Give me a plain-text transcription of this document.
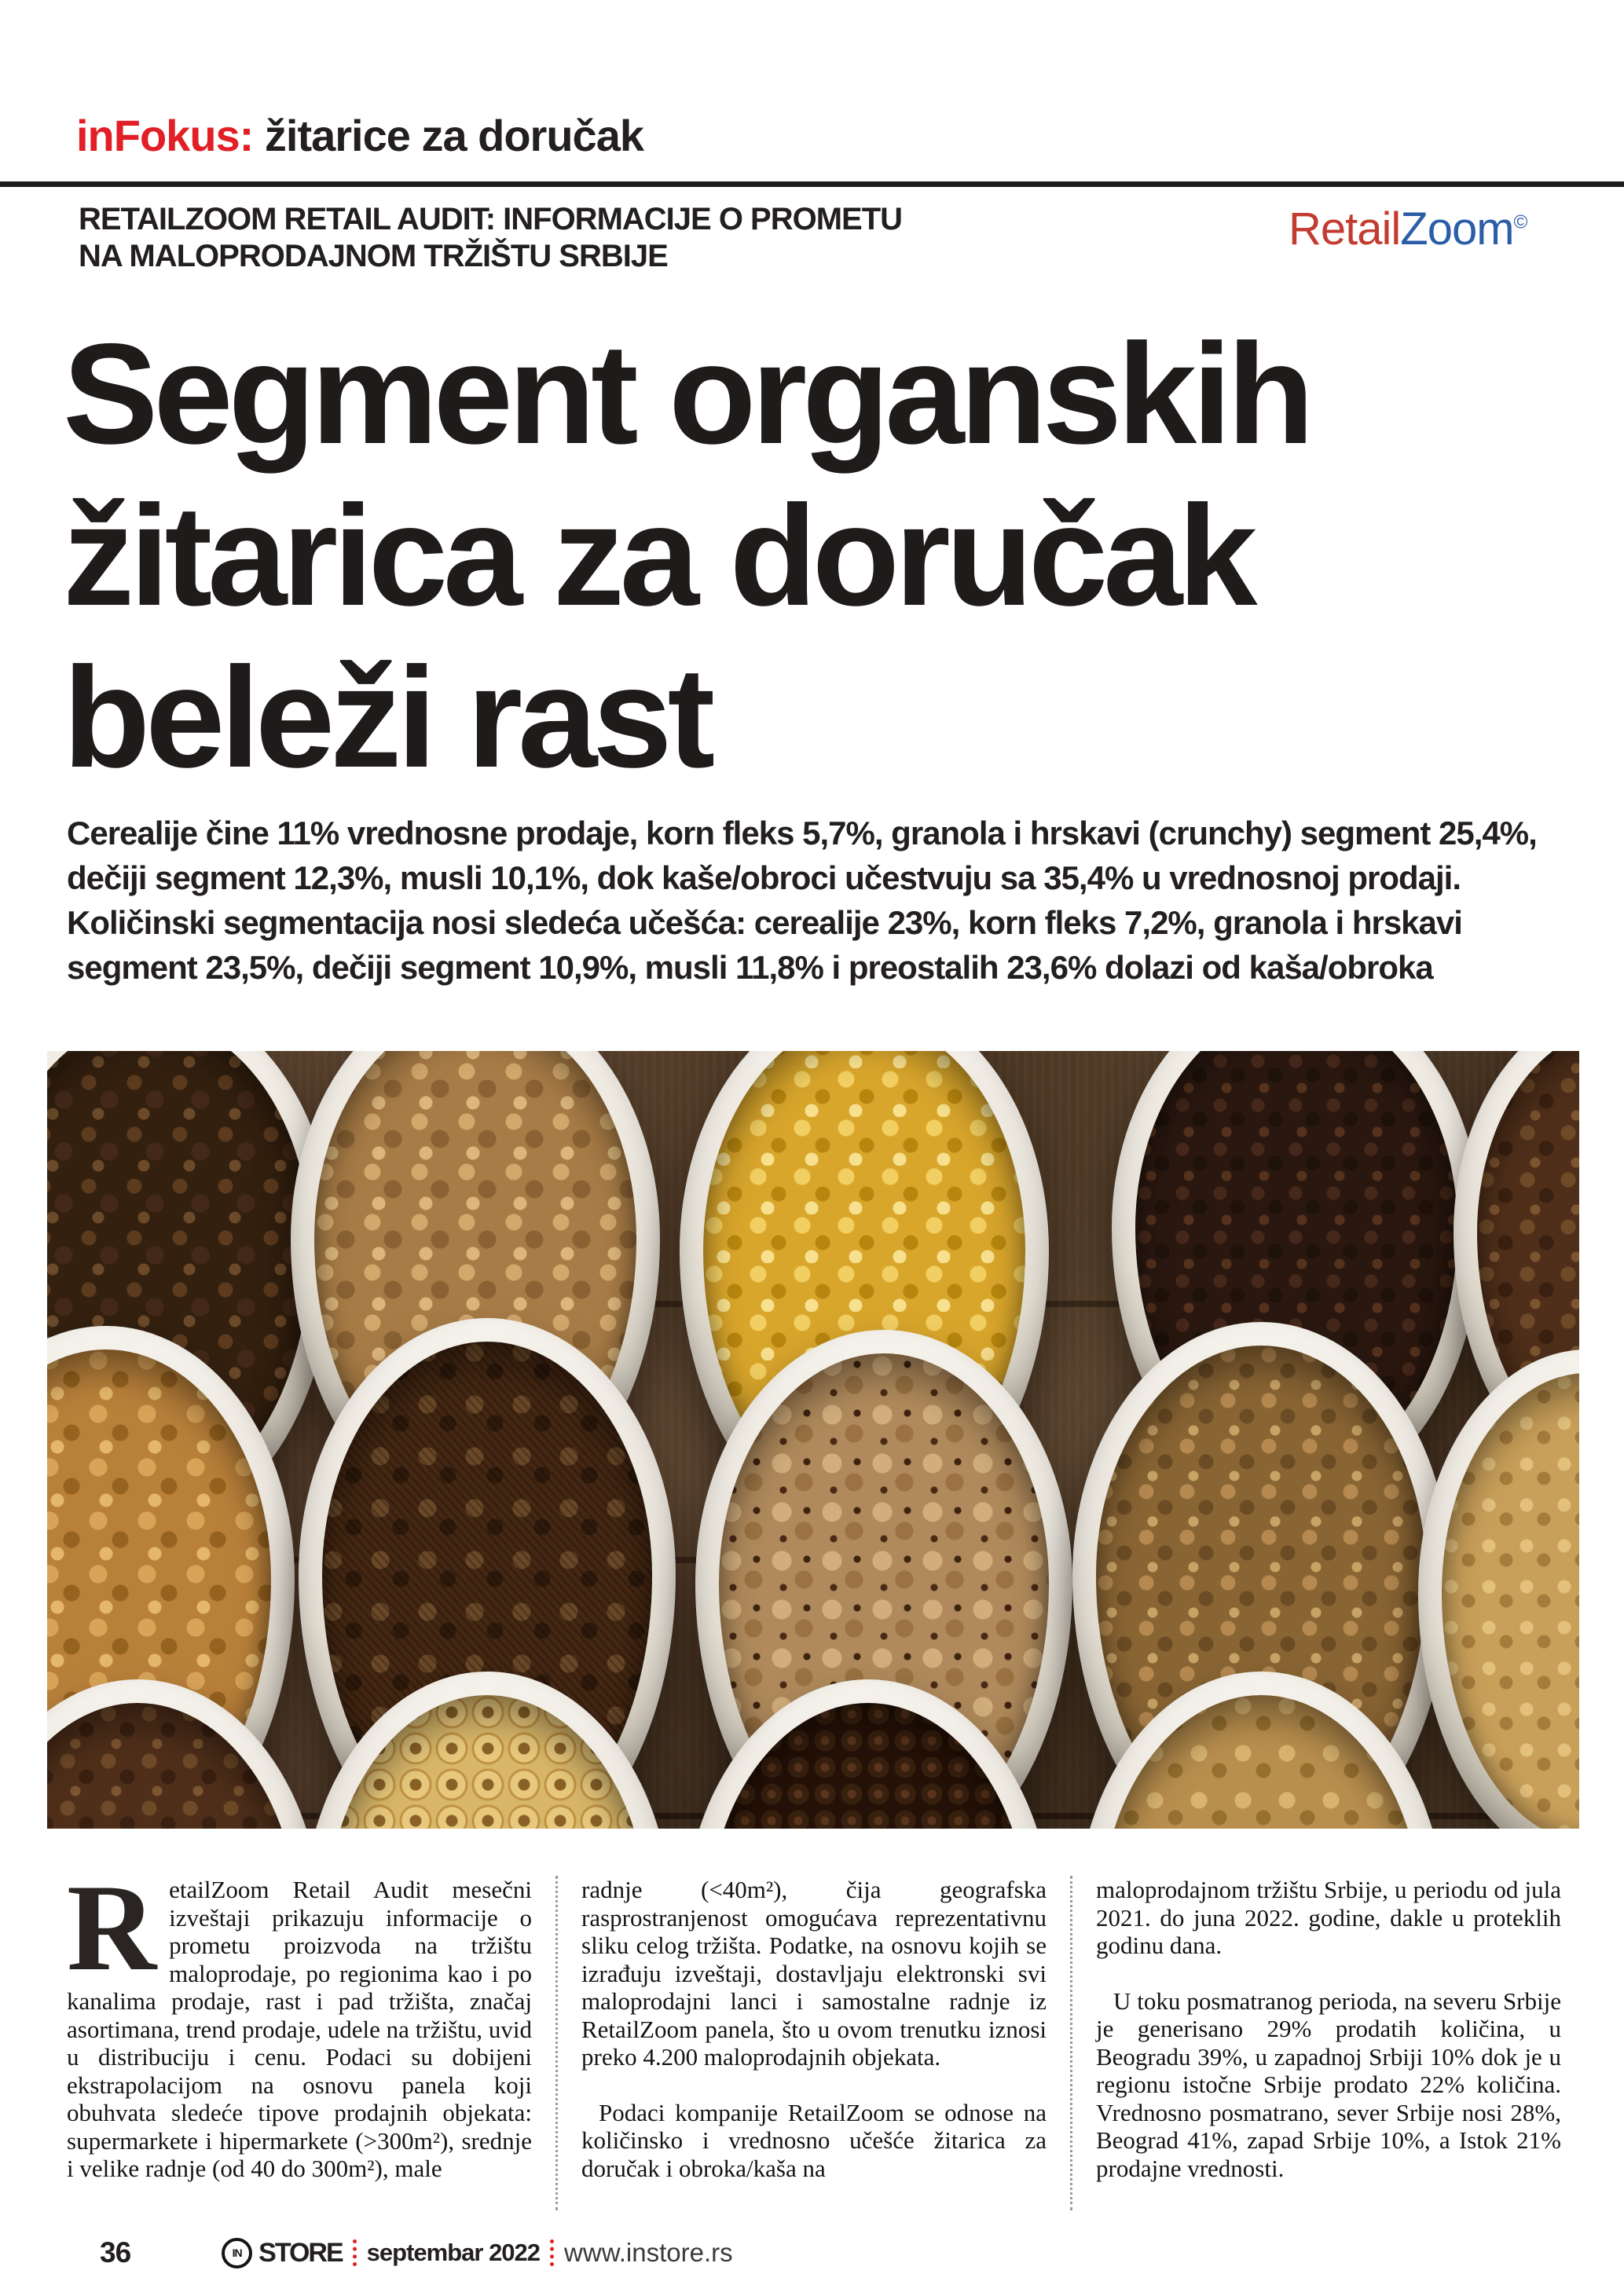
inFokus: žitarice za doručak
RETAILZOOM RETAIL AUDIT: INFORMACIJE O PROMETU
NA MALOPRODAJNOM TRŽIŠTU SRBIJE
RetailZoom©
Segment organskih
žitarica za doručak
beleži rast

Cerealije čine 11% vrednosne prodaje, korn fleks 5,7%, granola i hrskavi (crunchy) segment 25,4%, dečiji segment 12,3%, musli 10,1%, dok kaše/obroci učestvuju sa 35,4% u vrednosnoj prodaji. Količinski segmentacija nosi sledeća učešća: cerealije 23%, korn fleks 7,2%, granola i hrskavi segment 23,5%, dečiji segment 10,9%, musli 11,8% i preostalih 23,6% dolazi od kaša/obroka

RetailZoom Retail Audit mesečni izveštaji prikazuju informacije o prometu proizvoda na tržištu maloprodaje, po regionima kao i po kanalima prodaje, rast i pad tržišta, značaj asortimana, trend prodaje, udele na tržištu, uvid u distribuciju i cenu. Podaci su dobijeni ekstrapolacijom na osnovu panela koji obuhvata sledeće tipove prodajnih objekata: supermarkete i hipermarkete (>300m²), srednje i velike radnje (od 40 do 300m²), male

radnje (<40m²), čija geografska rasprostranjenost omogućava reprezentativnu sliku celog tržišta. Podatke, na osnovu kojih se izrađuju izveštaji, dostavljaju elektronski svi maloprodajni lanci i samostalne radnje iz RetailZoom panela, što u ovom trenutku iznosi preko 4.200 maloprodajnih objekata.

Podaci kompanije RetailZoom se odnose na količinsko i vrednosno učešće žitarica za doručak i obroka/kaša na

maloprodajnom tržištu Srbije, u periodu od jula 2021. do juna 2022. godine, dakle u proteklih godinu dana.

U toku posmatranog perioda, na severu Srbije je generisano 29% prodatih količina, u Beogradu 39%, u zapadnoj Srbiji 10% dok je u regionu istočne Srbije prodato 22% količina. Vrednosno posmatrano, sever Srbije nosi 28%, Beograd 41%, zapad Srbije 10%, a Istok 21% prodajne vrednosti.

36	IN STORE septembar 2022 www.instore.rs
